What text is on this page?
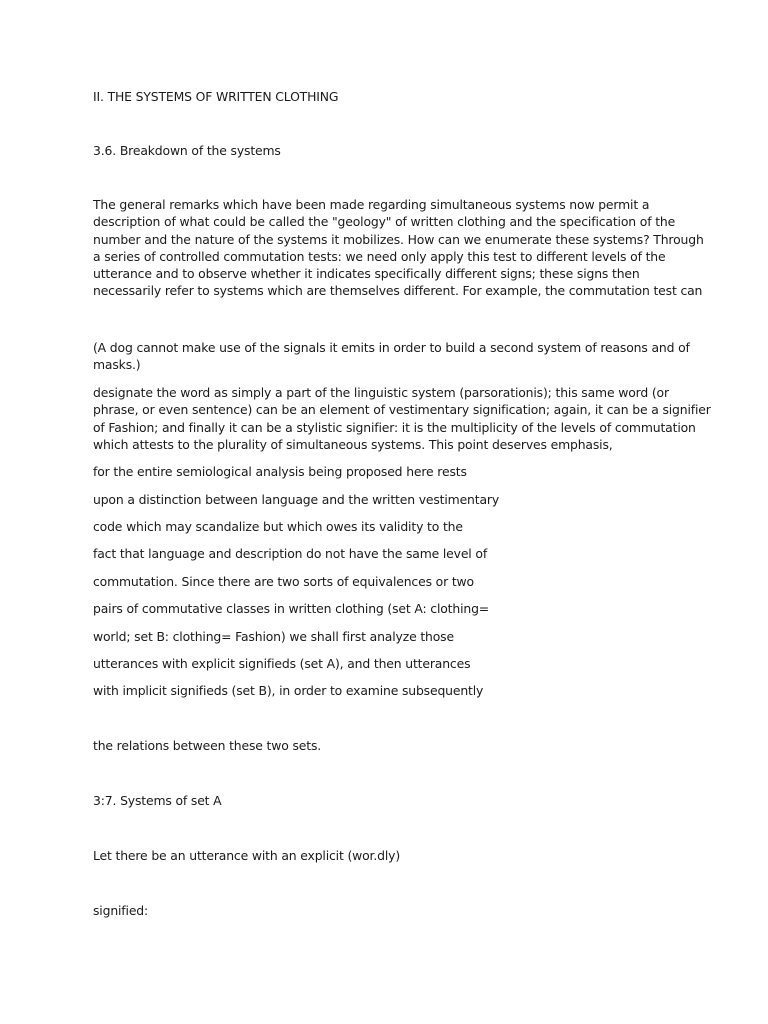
II. THE SYSTEMS OF WRITTEN CLOTHING

3.6. Breakdown of the systems

The general remarks which have been made regarding simultaneous systems now permit a
description of what could be called the "geology" of written clothing and the specification of the
number and the nature of the systems it mobilizes. How can we enumerate these systems? Through
a series of controlled commutation tests: we need only apply this test to different levels of the
utterance and to observe whether it indicates specifically different signs; these signs then
necessarily refer to systems which are themselves different. For example, the commutation test can
(A dog cannot make use of the signals it emits in order to build a second system of reasons and of
masks.)
designate the word as simply a part of the linguistic system (parsorationis); this same word (or
phrase, or even sentence) can be an element of vestimentary signification; again, it can be a signifier
of Fashion; and finally it can be a stylistic signifier: it is the multiplicity of the levels of commutation
which attests to the plurality of simultaneous systems. This point deserves emphasis,

for the entire semiological analysis being proposed here rests

upon a distinction between language and the written vestimentary

code which may scandalize but which owes its validity to the

fact that language and description do not have the same level of

commutation. Since there are two sorts of equivalences or two

pairs of commutative classes in written clothing (set A: clothing=

world; set B: clothing= Fashion) we shall first analyze those

utterances with explicit signifieds (set A), and then utterances

with implicit signifieds (set B), in order to examine subsequently

the relations between these two sets.

3:7. Systems of set A

Let there be an utterance with an explicit (wor.dly)

signified:
